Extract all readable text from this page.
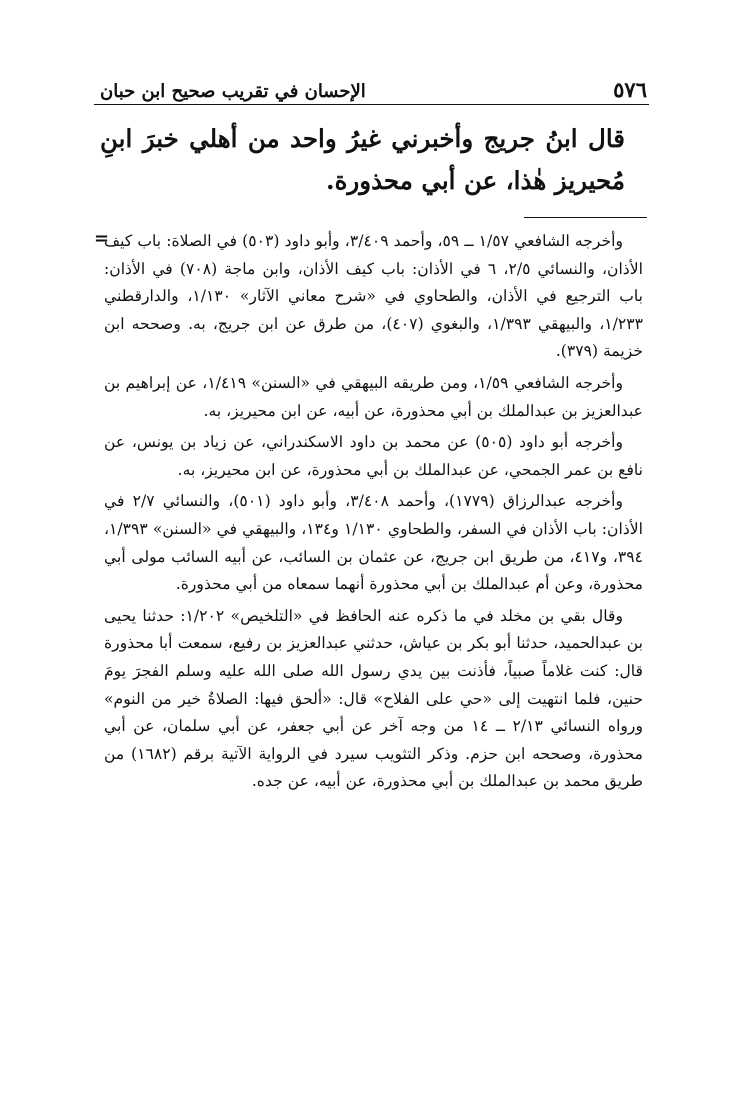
٥٧٦
الإحسان في تقريب صحيح ابن حبان

قال ابنُ جريج وأخبرني غيرُ واحد من أهلي خبرَ ابنِ مُحيريز هٰذا، عن أبي محذورة.

=

وأخرجه الشافعي ١/٥٧ ــ ٥٩، وأحمد ٣/٤٠٩، وأبو داود (٥٠٣) في الصلاة: باب كيف الأذان، والنسائي ٢/٥، ٦ في الأذان: باب كيف الأذان، وابن ماجة (٧٠٨) في الأذان: باب الترجيع في الأذان، والطحاوي في «شرح معاني الآثار» ١/١٣٠، والدارقطني ١/٢٣٣، والبيهقي ١/٣٩٣، والبغوي (٤٠٧)، من طرق عن ابن جريج، به. وصححه ابن خزيمة (٣٧٩).

وأخرجه الشافعي ١/٥٩، ومن طريقه البيهقي في «السنن» ١/٤١٩، عن إبراهيم بن عبدالعزيز بن عبدالملك بن أبي محذورة، عن أبيه، عن ابن محيريز، به.

وأخرجه أبو داود (٥٠٥) عن محمد بن داود الاسكندراني، عن زياد بن يونس، عن نافع بن عمر الجمحي، عن عبدالملك بن أبي محذورة، عن ابن محيريز، به.

وأخرجه عبدالرزاق (١٧٧٩)، وأحمد ٣/٤٠٨، وأبو داود (٥٠١)، والنسائي ٢/٧ في الأذان: باب الأذان في السفر، والطحاوي ١/١٣٠ و١٣٤، والبيهقي في «السنن» ١/٣٩٣، ٣٩٤، و٤١٧، من طريق ابن جريج، عن عثمان بن السائب، عن أبيه السائب مولى أبي محذورة، وعن أم عبدالملك بن أبي محذورة أنهما سمعاه من أبي محذورة.

وقال بقي بن مخلد في ما ذكره عنه الحافظ في «التلخيص» ١/٢٠٢: حدثنا يحيى بن عبدالحميد، حدثنا أبو بكر بن عياش، حدثني عبدالعزيز بن رفيع، سمعت أبا محذورة قال: كنت غلاماً صبياً، فأذنت بين يدي رسول الله صلى الله عليه وسلم الفجرَ يومَ حنين، فلما انتهيت إلى «حي على الفلاح» قال: «ألحق فيها: الصلاةُ خير من النوم» ورواه النسائي ٢/١٣ ــ ١٤ من وجه آخر عن أبي جعفر، عن أبي سلمان، عن أبي محذورة، وصححه ابن حزم. وذكر التثويب سيرد في الرواية الآتية برقم (١٦٨٢) من طريق محمد بن عبدالملك بن أبي محذورة، عن أبيه، عن جده.
